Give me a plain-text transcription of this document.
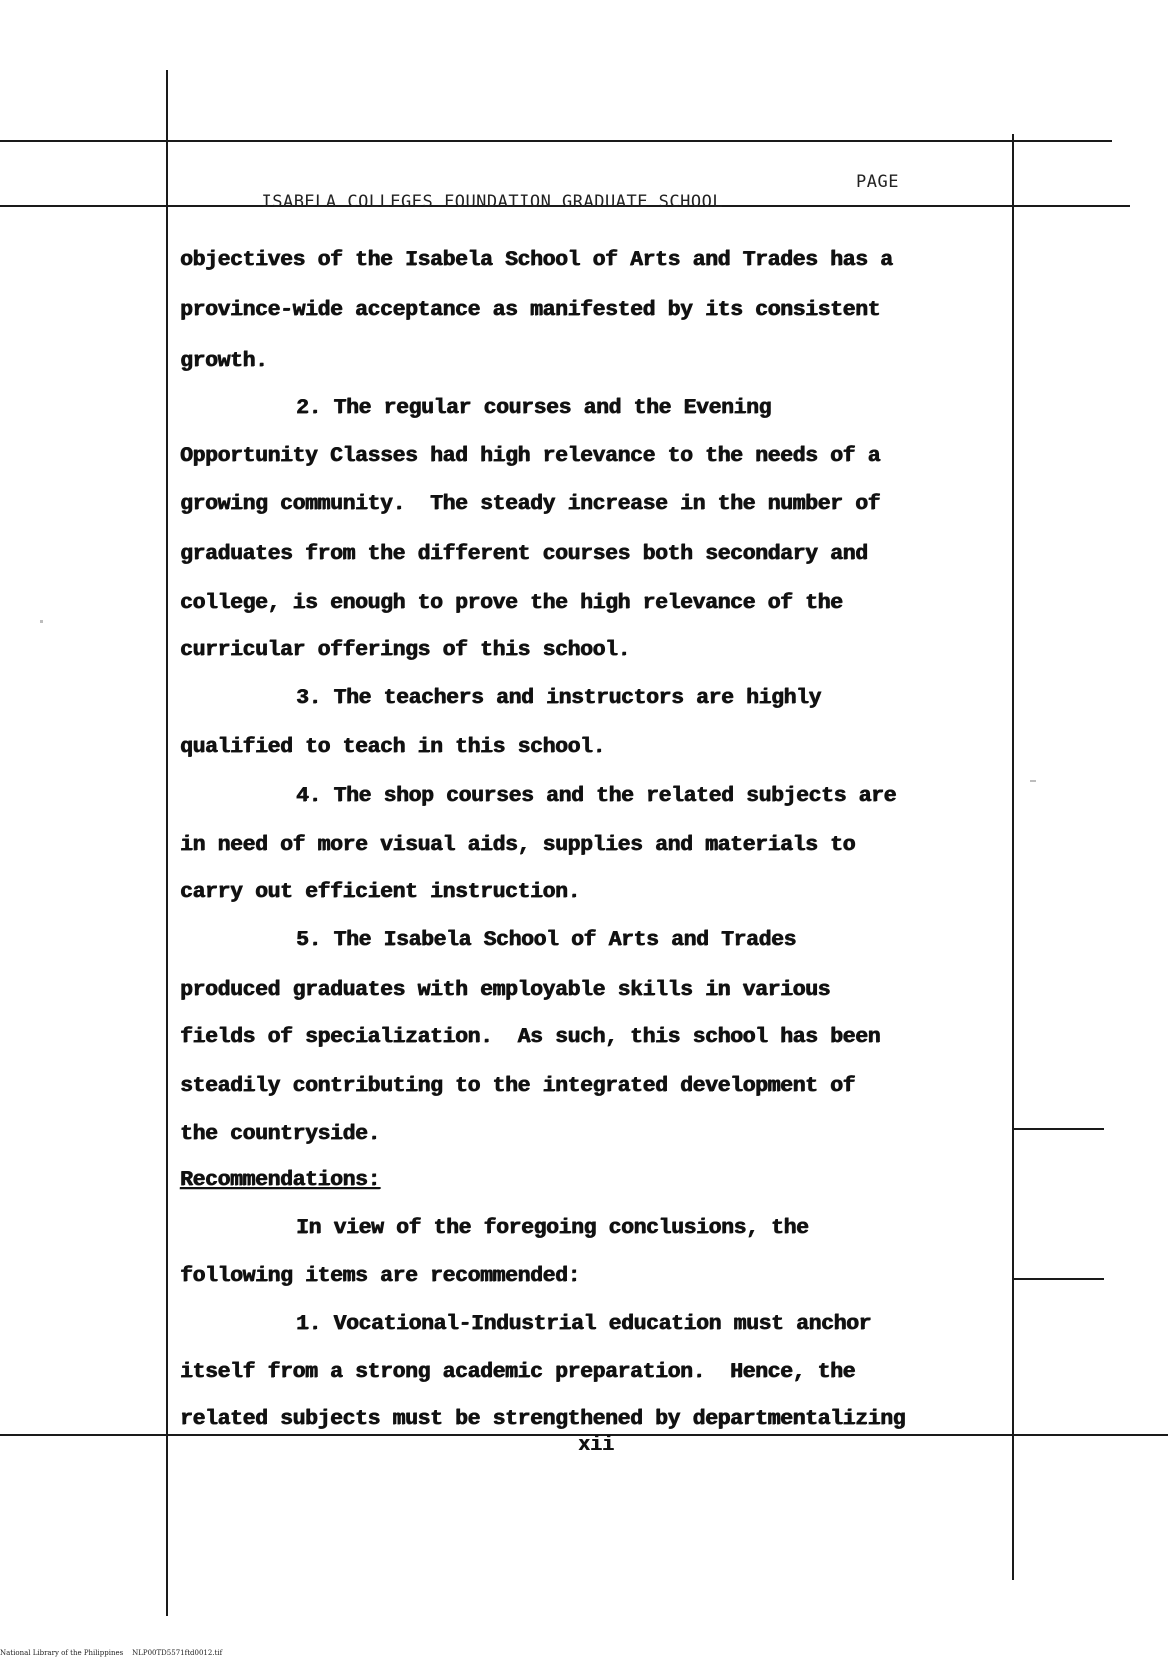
ISABELA COLLEGES FOUNDATION GRADUATE SCHOOL

PAGE

objectives of the Isabela School of Arts and Trades has a
province-wide acceptance as manifested by its consistent
growth.
2. The regular courses and the Evening
Opportunity Classes had high relevance to the needs of a
growing community.  The steady increase in the number of
graduates from the different courses both secondary and
college, is enough to prove the high relevance of the
curricular offerings of this school.
3. The teachers and instructors are highly
qualified to teach in this school.
4. The shop courses and the related subjects are
in need of more visual aids, supplies and materials to
carry out efficient instruction.
5. The Isabela School of Arts and Trades
produced graduates with employable skills in various
fields of specialization.  As such, this school has been
steadily contributing to the integrated development of
the countryside.
Recommendations:
In view of the foregoing conclusions, the
following items are recommended:
1. Vocational-Industrial education must anchor
itself from a strong academic preparation.  Hence, the
related subjects must be strengthened by departmentalizing
xii
National Library of the Philippines    NLP00TD5571ftd0012.tif
